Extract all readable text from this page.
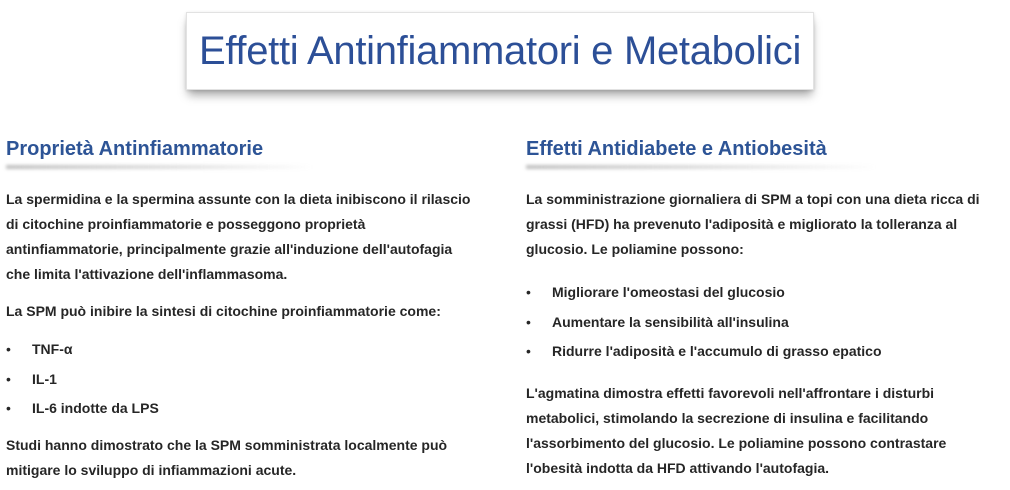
Effetti Antinfiammatori e Metabolici
Proprietà Antinfiammatorie

La spermidina e la spermina assunte con la dieta inibiscono il rilascio di citochine proinfiammatorie e posseggono proprietà antinfiammatorie, principalmente grazie all'induzione dell'autofagia che limita l'attivazione dell'inflammasoma.

La SPM può inibire la sintesi di citochine proinfiammatorie come:

• TNF-α
• IL-1
• IL-6 indotte da LPS

Studi hanno dimostrato che la SPM somministrata localmente può mitigare lo sviluppo di infiammazioni acute.

Effetti Antidiabete e Antiobesità

La somministrazione giornaliera di SPM a topi con una dieta ricca di grassi (HFD) ha prevenuto l'adiposità e migliorato la tolleranza al glucosio. Le poliamine possono:

• Migliorare l'omeostasi del glucosio
• Aumentare la sensibilità all'insulina
• Ridurre l'adiposità e l'accumulo di grasso epatico

L'agmatina dimostra effetti favorevoli nell'affrontare i disturbi metabolici, stimolando la secrezione di insulina e facilitando l'assorbimento del glucosio. Le poliamine possono contrastare l'obesità indotta da HFD attivando l'autofagia.
